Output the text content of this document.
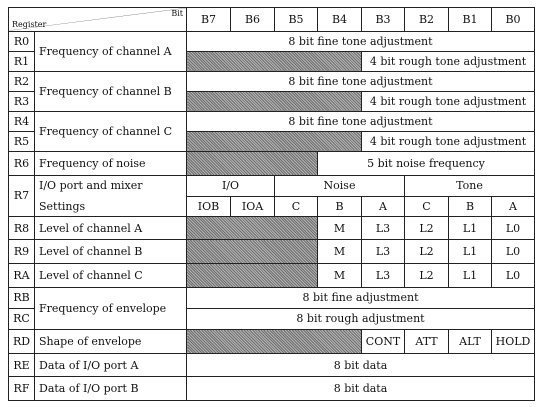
Register
Bit		B7	B6	B5	B4	B3	B2	B1	B0
R0	Frequency of channel A	8 bit fine tone adjustment							
R1						4 bit rough tone adjustment			
R2	Frequency of channel B	8 bit fine tone adjustment							
R3						4 bit rough tone adjustment			
R4	Frequency of channel C	8 bit fine tone adjustment							
R5						4 bit rough tone adjustment			
R6	Frequency of noise				5 bit noise frequency				
R7	I/O port and mixer	I/O		Noise			Tone		
	Settings	IOB	IOA	C	B	A	C	B	A
R8	Level of channel A				M	L3	L2	L1	L0
R9	Level of channel B				M	L3	L2	L1	L0
RA	Level of channel C				M	L3	L2	L1	L0
RB	Frequency of envelope	8 bit fine adjustment							
RC		8 bit rough adjustment							
RD	Shape of envelope					CONT	ATT	ALT	HOLD
RE	Data of I/O port A	8 bit data							
RF	Data of I/O port B	8 bit data							
